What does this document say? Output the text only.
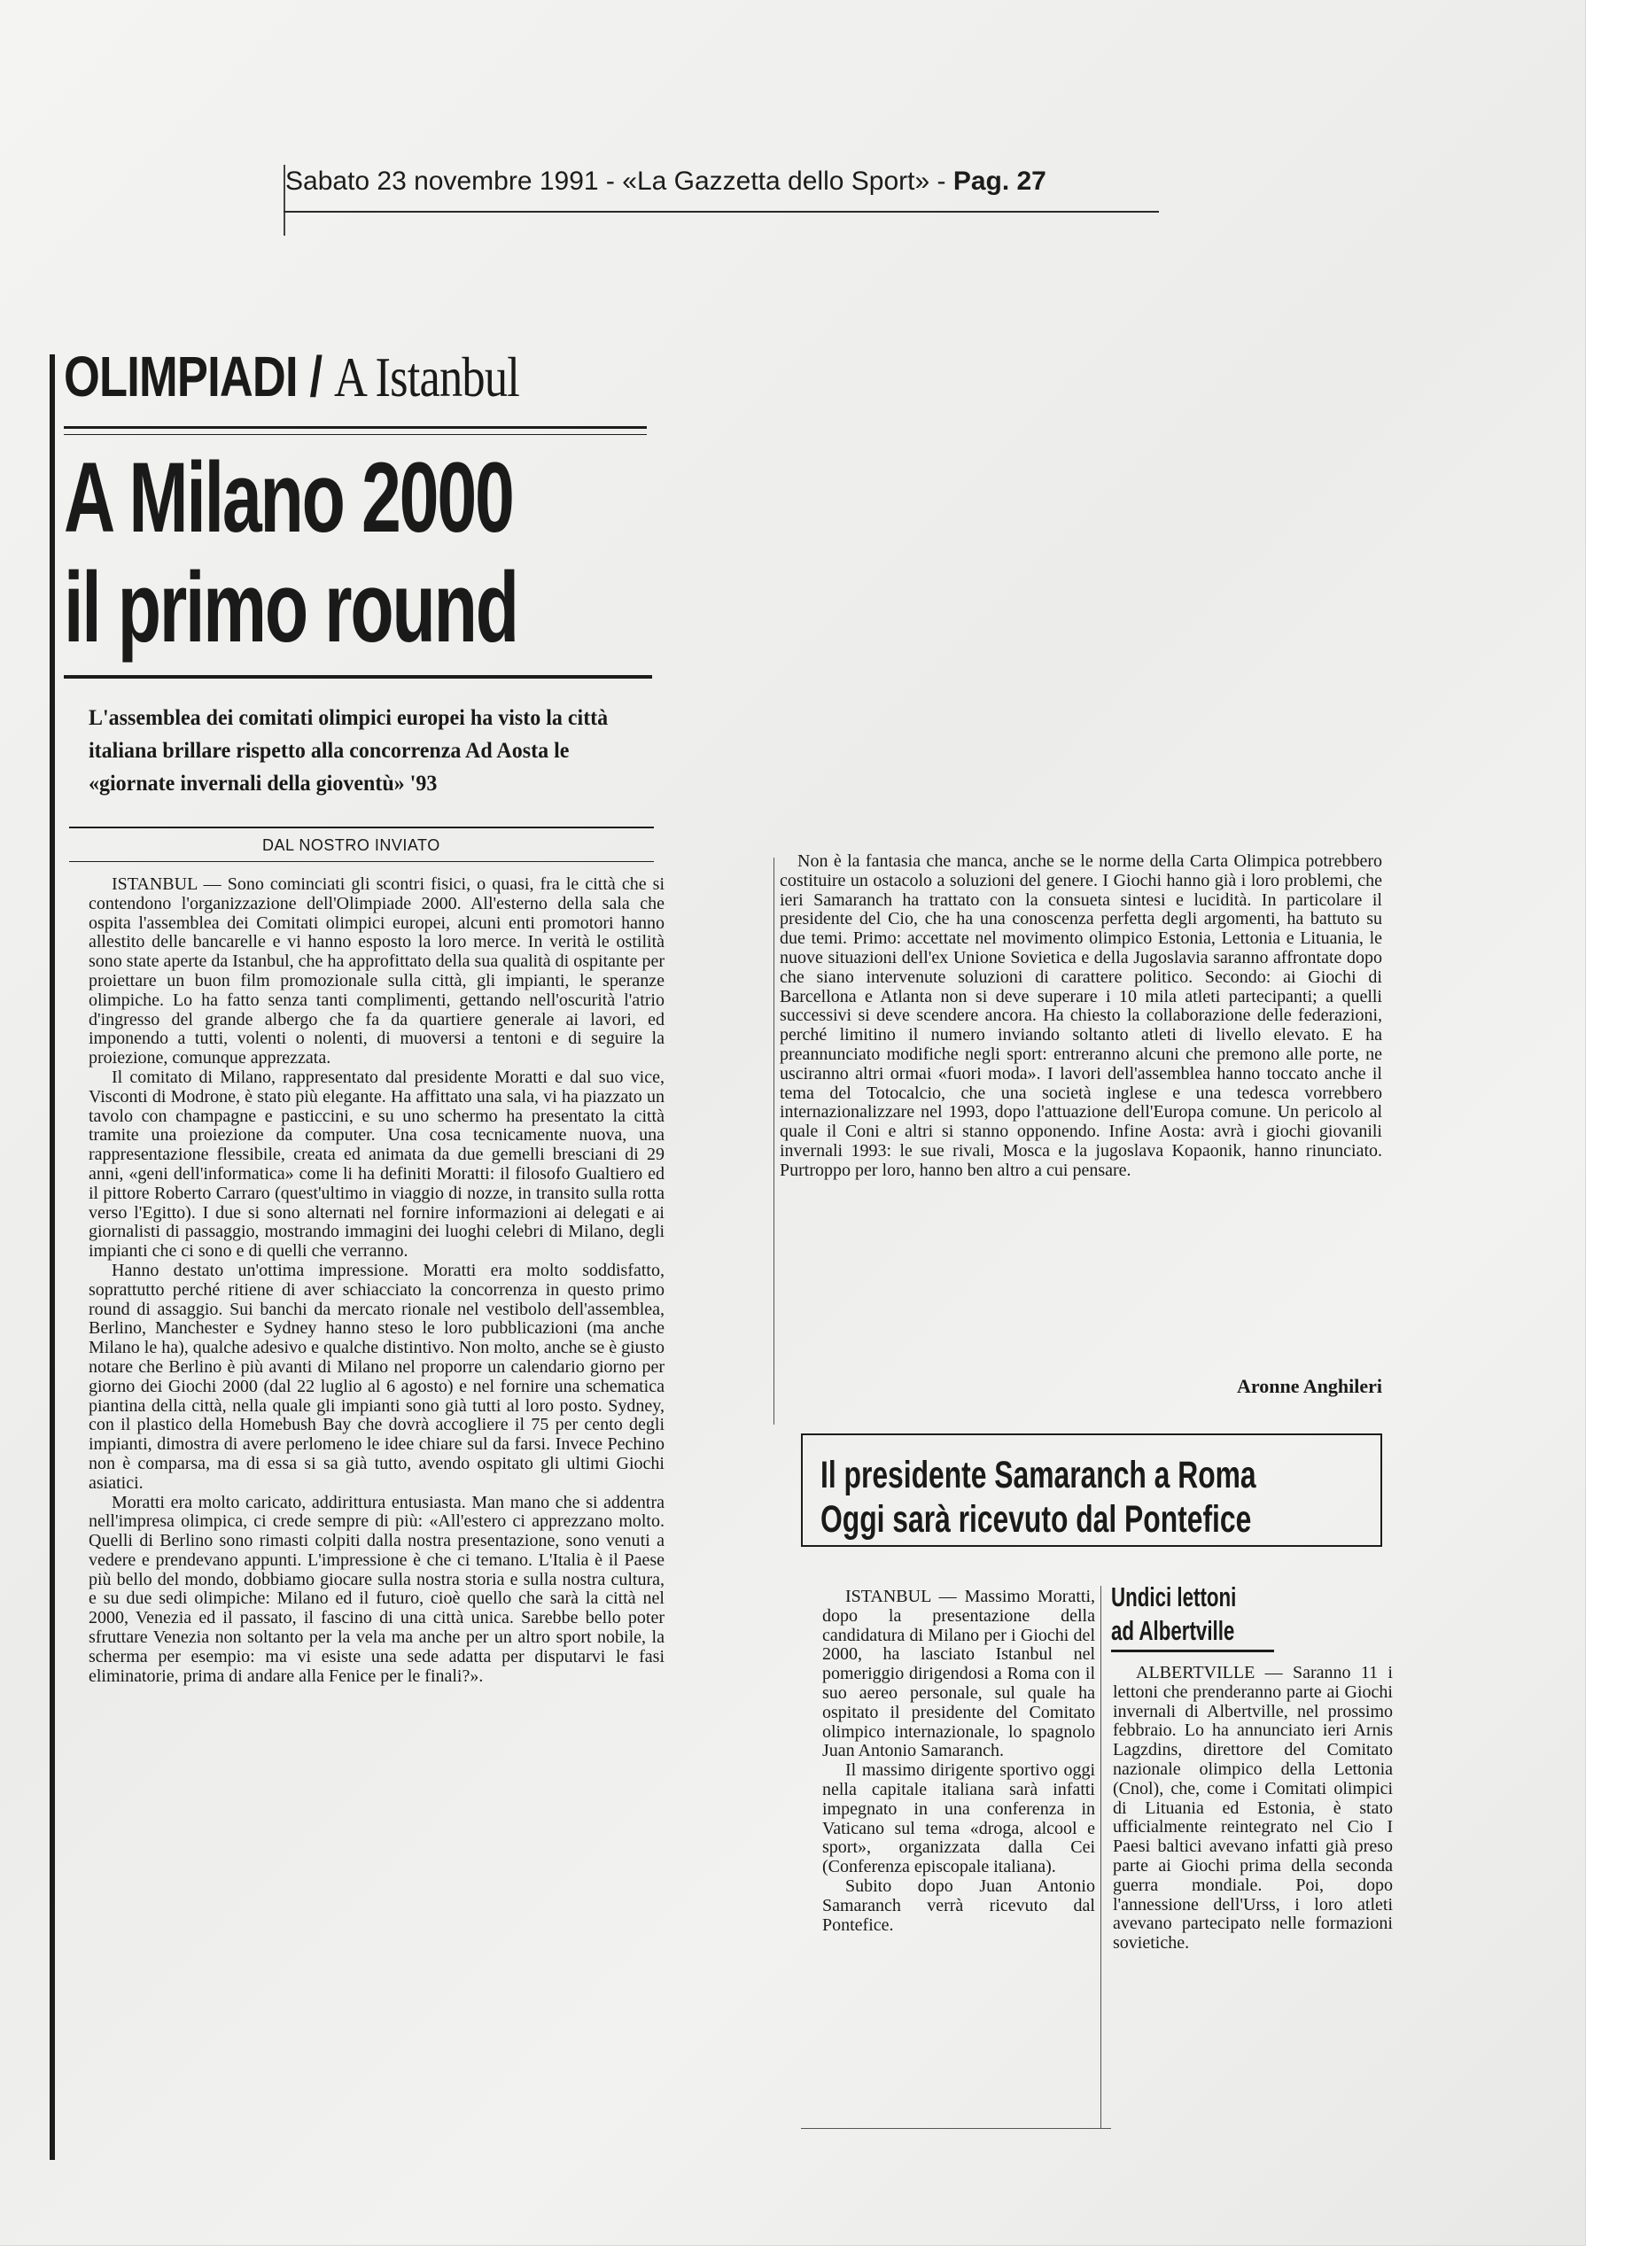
Sabato 23 novembre 1991 - «La Gazzetta dello Sport» - Pag. 27
OLIMPIADI / A Istanbul
A Milano 2000
il primo round
L'assemblea dei comitati olimpici europei ha visto la città italiana brillare rispetto alla concorrenza Ad Aosta le «giornate invernali della gioventù» '93
DAL NOSTRO INVIATO

ISTANBUL — Sono cominciati gli scontri fisici, o quasi, fra le città che si contendono l'organizzazione dell'Olimpiade 2000. All'esterno della sala che ospita l'assemblea dei Comitati olimpici europei, alcuni enti promotori hanno allestito delle bancarelle e vi hanno esposto la loro merce. In verità le ostilità sono state aperte da Istanbul, che ha approfittato della sua qualità di ospitante per proiettare un buon film promozionale sulla città, gli impianti, le speranze olimpiche. Lo ha fatto senza tanti complimenti, gettando nell'oscurità l'atrio d'ingresso del grande albergo che fa da quartiere generale ai lavori, ed imponendo a tutti, volenti o nolenti, di muoversi a tentoni e di seguire la proiezione, comunque apprezzata.

Il comitato di Milano, rappresentato dal presidente Moratti e dal suo vice, Visconti di Modrone, è stato più elegante. Ha affittato una sala, vi ha piazzato un tavolo con champagne e pasticcini, e su uno schermo ha presentato la città tramite una proiezione da computer. Una cosa tecnicamente nuova, una rappresentazione flessibile, creata ed animata da due gemelli bresciani di 29 anni, «geni dell'informatica» come li ha definiti Moratti: il filosofo Gualtiero ed il pittore Roberto Carraro (quest'ultimo in viaggio di nozze, in transito sulla rotta verso l'Egitto). I due si sono alternati nel fornire informazioni ai delegati e ai giornalisti di passaggio, mostrando immagini dei luoghi celebri di Milano, degli impianti che ci sono e di quelli che verranno.

Hanno destato un'ottima impressione. Moratti era molto soddisfatto, soprattutto perché ritiene di aver schiacciato la concorrenza in questo primo round di assaggio. Sui banchi da mercato rionale nel vestibolo dell'assemblea, Berlino, Manchester e Sydney hanno steso le loro pubblicazioni (ma anche Milano le ha), qualche adesivo e qualche distintivo. Non molto, anche se è giusto notare che Berlino è più avanti di Milano nel proporre un calendario giorno per giorno dei Giochi 2000 (dal 22 luglio al 6 agosto) e nel fornire una schematica piantina della città, nella quale gli impianti sono già tutti al loro posto. Sydney, con il plastico della Homebush Bay che dovrà accogliere il 75 per cento degli impianti, dimostra di avere perlomeno le idee chiare sul da farsi. Invece Pechino non è comparsa, ma di essa si sa già tutto, avendo ospitato gli ultimi Giochi asiatici.

Moratti era molto caricato, addirittura entusiasta. Man mano che si addentra nell'impresa olimpica, ci crede sempre di più: «All'estero ci apprezzano molto. Quelli di Berlino sono rimasti colpiti dalla nostra presentazione, sono venuti a vedere e prendevano appunti. L'impressione è che ci temano. L'Italia è il Paese più bello del mondo, dobbiamo giocare sulla nostra storia e sulla nostra cultura, e su due sedi olimpiche: Milano ed il futuro, cioè quello che sarà la città nel 2000, Venezia ed il passato, il fascino di una città unica. Sarebbe bello poter sfruttare Venezia non soltanto per la vela ma anche per un altro sport nobile, la scherma per esempio: ma vi esiste una sede adatta per disputarvi le fasi eliminatorie, prima di andare alla Fenice per le finali?».

Non è la fantasia che manca, anche se le norme della Carta Olimpica potrebbero costituire un ostacolo a soluzioni del genere. I Giochi hanno già i loro problemi, che ieri Samaranch ha trattato con la consueta sintesi e lucidità. In particolare il presidente del Cio, che ha una conoscenza perfetta degli argomenti, ha battuto su due temi. Primo: accettate nel movimento olimpico Estonia, Lettonia e Lituania, le nuove situazioni dell'ex Unione Sovietica e della Jugoslavia saranno affrontate dopo che siano intervenute soluzioni di carattere politico. Secondo: ai Giochi di Barcellona e Atlanta non si deve superare i 10 mila atleti partecipanti; a quelli successivi si deve scendere ancora. Ha chiesto la collaborazione delle federazioni, perché limitino il numero inviando soltanto atleti di livello elevato. E ha preannunciato modifiche negli sport: entreranno alcuni che premono alle porte, ne usciranno altri ormai «fuori moda». I lavori dell'assemblea hanno toccato anche il tema del Totocalcio, che una società inglese e una tedesca vorrebbero internazionalizzare nel 1993, dopo l'attuazione dell'Europa comune. Un pericolo al quale il Coni e altri si stanno opponendo. Infine Aosta: avrà i giochi giovanili invernali 1993: le sue rivali, Mosca e la jugoslava Kopaonik, hanno rinunciato. Purtroppo per loro, hanno ben altro a cui pensare.

Aronne Anghileri
Il presidente Samaranch a Roma
Oggi sarà ricevuto dal Pontefice

ISTANBUL — Massimo Moratti, dopo la presentazione della candidatura di Milano per i Giochi del 2000, ha lasciato Istanbul nel pomeriggio dirigendosi a Roma con il suo aereo personale, sul quale ha ospitato il presidente del Comitato olimpico internazionale, lo spagnolo Juan Antonio Samaranch.

Il massimo dirigente sportivo oggi nella capitale italiana sarà infatti impegnato in una conferenza in Vaticano sul tema «droga, alcool e sport», organizzata dalla Cei (Conferenza episcopale italiana).

Subito dopo Juan Antonio Samaranch verrà ricevuto dal Pontefice.

Undici lettoni
ad Albertville

ALBERTVILLE — Saranno 11 i lettoni che prenderanno parte ai Giochi invernali di Albertville, nel prossimo febbraio. Lo ha annunciato ieri Arnis Lagzdins, direttore del Comitato nazionale olimpico della Lettonia (Cnol), che, come i Comitati olimpici di Lituania ed Estonia, è stato ufficialmente reintegrato nel Cio I Paesi baltici avevano infatti già preso parte ai Giochi prima della seconda guerra mondiale. Poi, dopo l'annessione dell'Urss, i loro atleti avevano partecipato nelle formazioni sovietiche.
